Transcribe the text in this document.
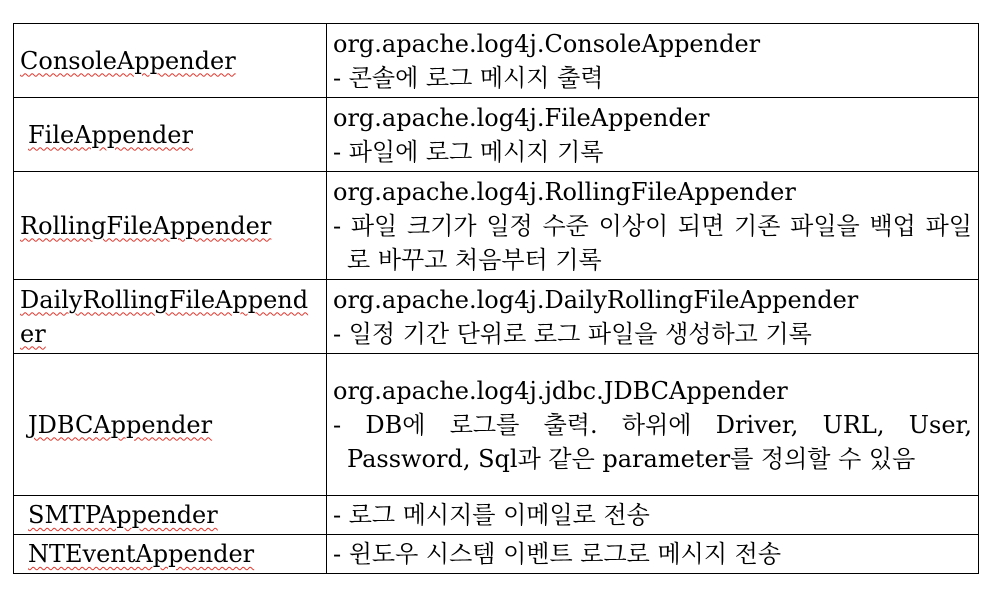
ConsoleAppender	org.apache.log4j.ConsoleAppender
- 콘솔에 로그 메시지 출력

FileAppender	org.apache.log4j.FileAppender
- 파일에 로그 메시지 기록

RollingFileAppender	org.apache.log4j.RollingFileAppender
- 파일 크기가 일정 수준 이상이 되면 기존 파일을 백업 파일로 바꾸고 처음부터 기록

DailyRollingFileAppender	org.apache.log4j.DailyRollingFileAppender
- 일정 기간 단위로 로그 파일을 생성하고 기록

JDBCAppender	org.apache.log4j.jdbc.JDBCAppender
- DB에 로그를 출력. 하위에 Driver, URL, User, Password, Sql과 같은 parameter를 정의할 수 있음

SMTPAppender	- 로그 메시지를 이메일로 전송

NTEventAppender	- 윈도우 시스템 이벤트 로그로 메시지 전송
